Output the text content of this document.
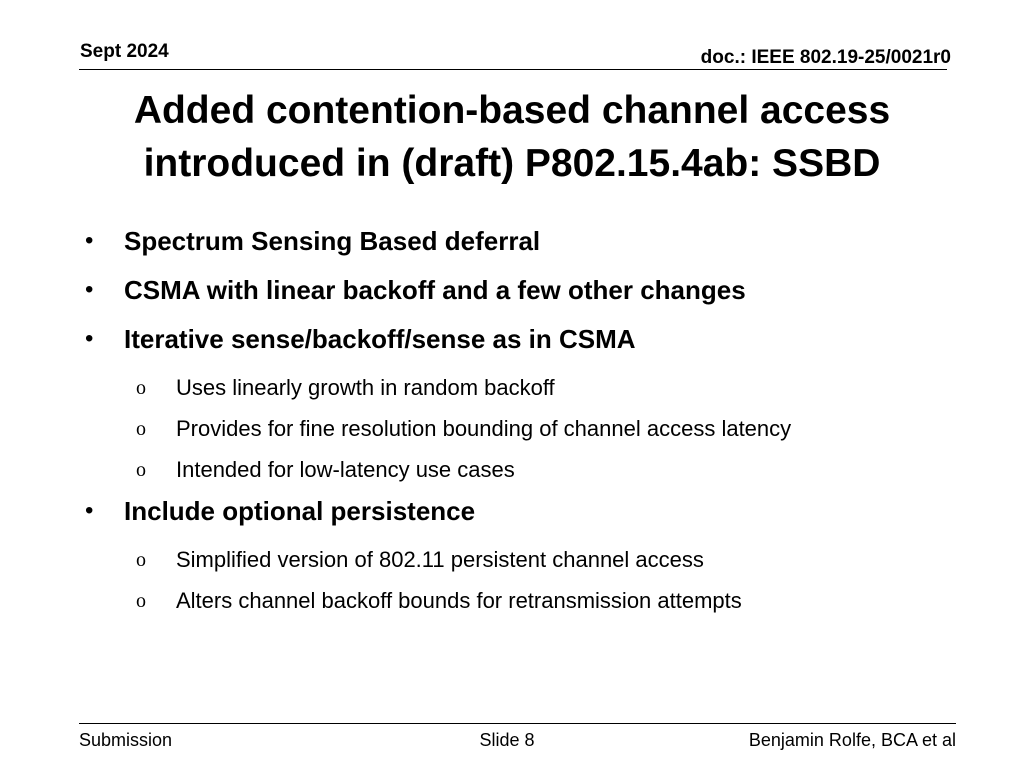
Sept 2024	doc.: IEEE 802.19-25/0021r0
Added contention-based channel access
introduced in (draft) P802.15.4ab: SSBD
• Spectrum Sensing Based deferral
• CSMA with linear backoff and a few other changes
• Iterative sense/backoff/sense as in CSMA
o Uses linearly growth in random backoff
o Provides for fine resolution bounding of channel access latency
o Intended for low-latency use cases
• Include optional persistence
o Simplified version of 802.11 persistent channel access
o Alters channel backoff bounds for retransmission attempts
Submission	Slide 8	Benjamin Rolfe, BCA et al
